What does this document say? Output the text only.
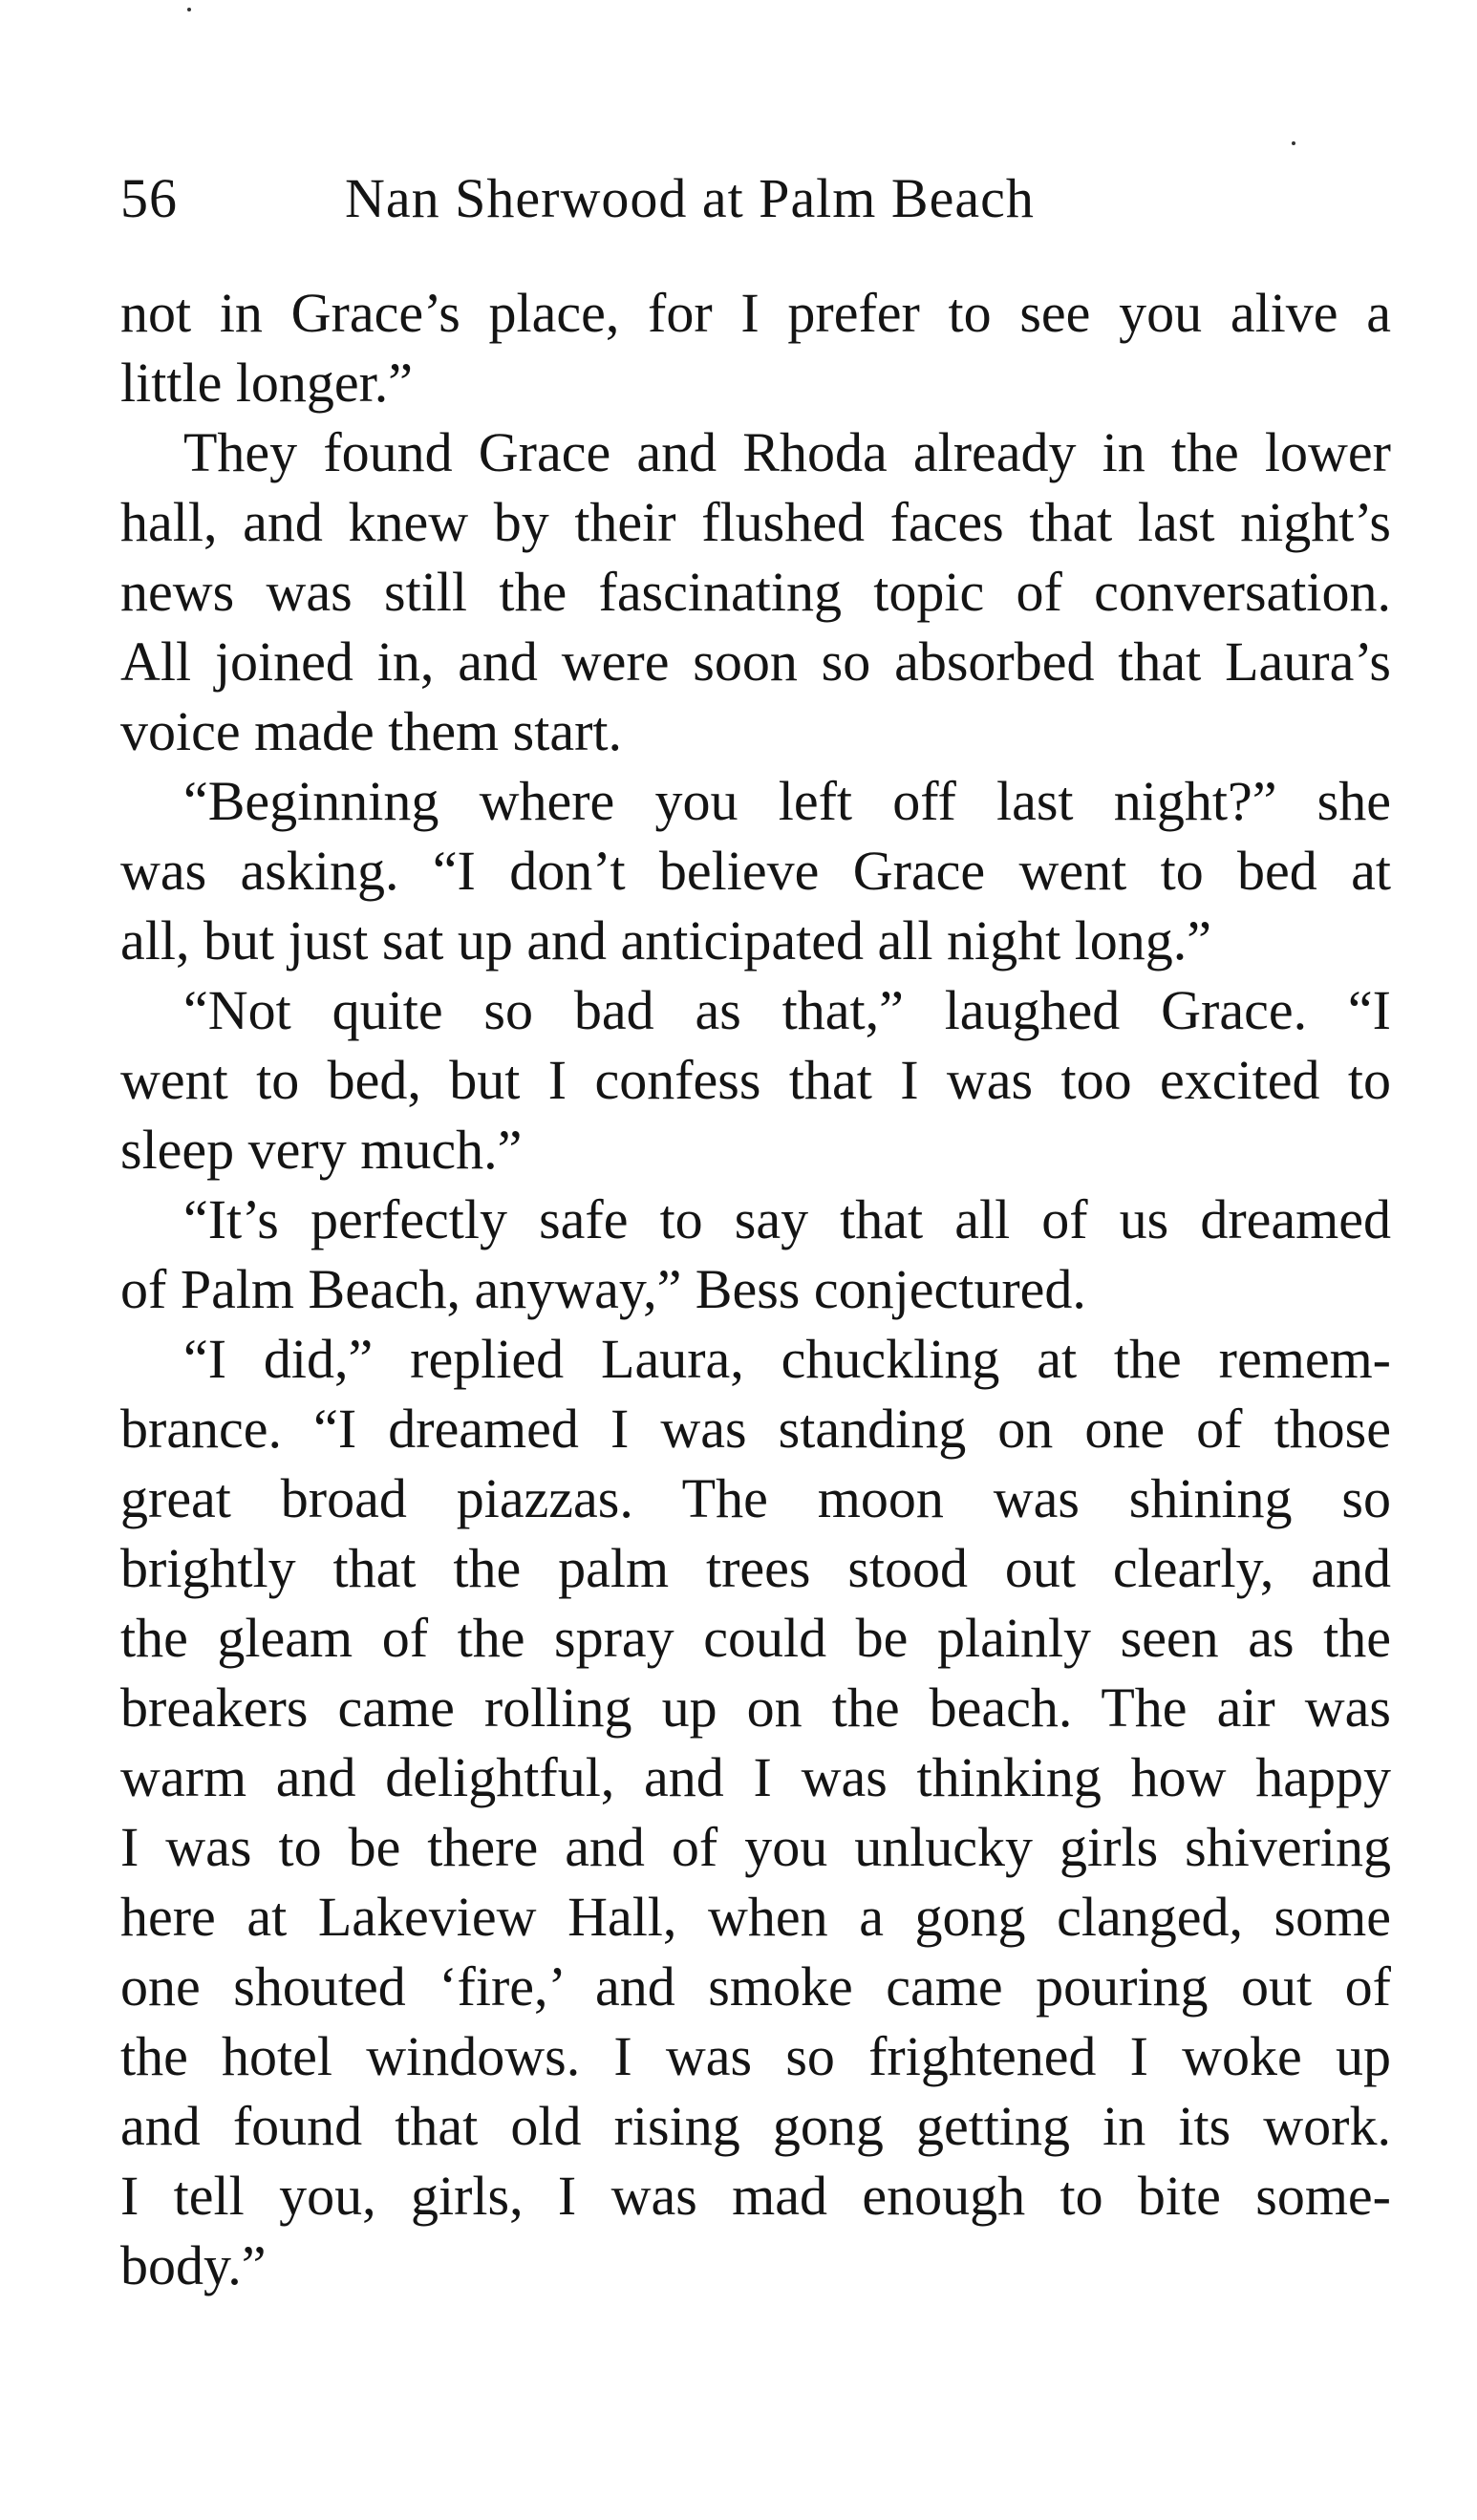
56	Nan Sherwood at Palm Beach
not in Grace’s place, for I prefer to see you alive a
little longer.”
They found Grace and Rhoda already in the lower
hall, and knew by their flushed faces that last night’s
news was still the fascinating topic of conversation.
All joined in, and were soon so absorbed that Laura’s
voice made them start.
“Beginning where you left off last night?” she
was asking. “I don’t believe Grace went to bed at
all, but just sat up and anticipated all night long.”
“Not quite so bad as that,” laughed Grace. “I
went to bed, but I confess that I was too excited to
sleep very much.”
“It’s perfectly safe to say that all of us dreamed
of Palm Beach, anyway,” Bess conjectured.
“I did,” replied Laura, chuckling at the remem-
brance. “I dreamed I was standing on one of those
great broad piazzas. The moon was shining so
brightly that the palm trees stood out clearly, and
the gleam of the spray could be plainly seen as the
breakers came rolling up on the beach. The air was
warm and delightful, and I was thinking how happy
I was to be there and of you unlucky girls shivering
here at Lakeview Hall, when a gong clanged, some
one shouted ‘fire,’ and smoke came pouring out of
the hotel windows. I was so frightened I woke up
and found that old rising gong getting in its work.
I tell you, girls, I was mad enough to bite some-
body.”
